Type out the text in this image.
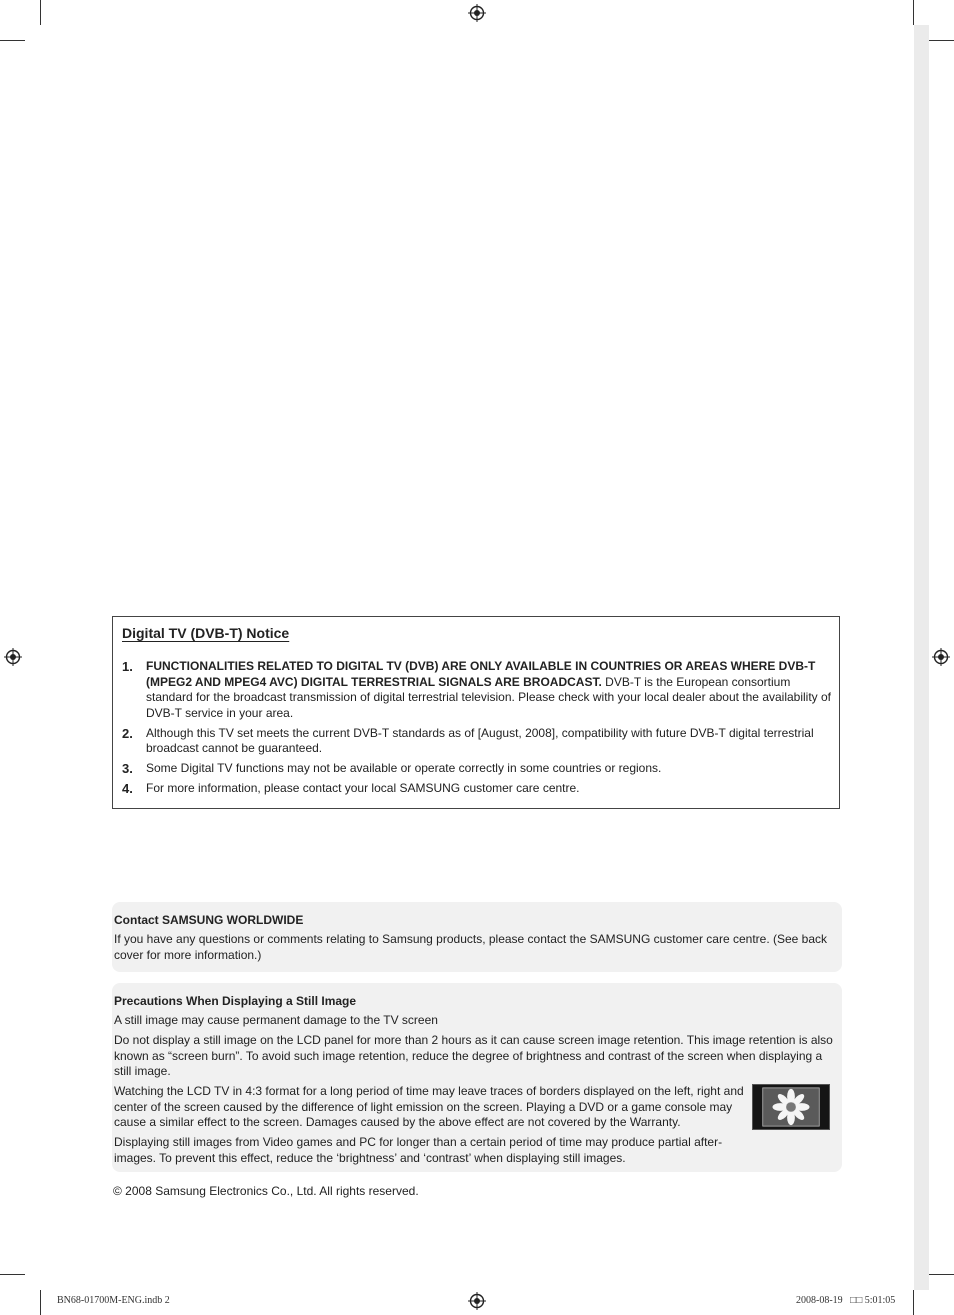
Digital TV (DVB-T) Notice
1.	FUNCTIONALITIES RELATED TO DIGITAL TV (DVB) ARE ONLY AVAILABLE IN COUNTRIES OR AREAS WHERE DVB-T (MPEG2 AND MPEG4 AVC) DIGITAL TERRESTRIAL SIGNALS ARE BROADCAST. DVB-T is the European consortium standard for the broadcast transmission of digital terrestrial television. Please check with your local dealer about the availability of DVB-T service in your area.
2.	Although this TV set meets the current DVB-T standards as of [August, 2008], compatibility with future DVB-T digital terrestrial broadcast cannot be guaranteed.
3.	Some Digital TV functions may not be available or operate correctly in some countries or regions.
4.	For more information, please contact your local SAMSUNG customer care centre.
Contact SAMSUNG WORLDWIDE
If you have any questions or comments relating to Samsung products, please contact the SAMSUNG customer care centre. (See back cover for more information.)
Precautions When Displaying a Still Image
A still image may cause permanent damage to the TV screen
Do not display a still image on the LCD panel for more than 2 hours as it can cause screen image retention. This image retention is also known as “screen burn”. To avoid such image retention, reduce the degree of brightness and contrast of the screen when displaying a still image.
Watching the LCD TV in 4:3 format for a long period of time may leave traces of borders displayed on the left, right and center of the screen caused by the difference of light emission on the screen. Playing a DVD or a game console may cause a similar effect to the screen. Damages caused by the above effect are not covered by the Warranty.
Displaying still images from Video games and PC for longer than a certain period of time may produce partial after-images. To prevent this effect, reduce the ‘brightness’ and ‘contrast’ when displaying still images.
© 2008 Samsung Electronics Co., Ltd. All rights reserved.
BN68-01700M-ENG.indb 2	2008-08-19   □□ 5:01:05
